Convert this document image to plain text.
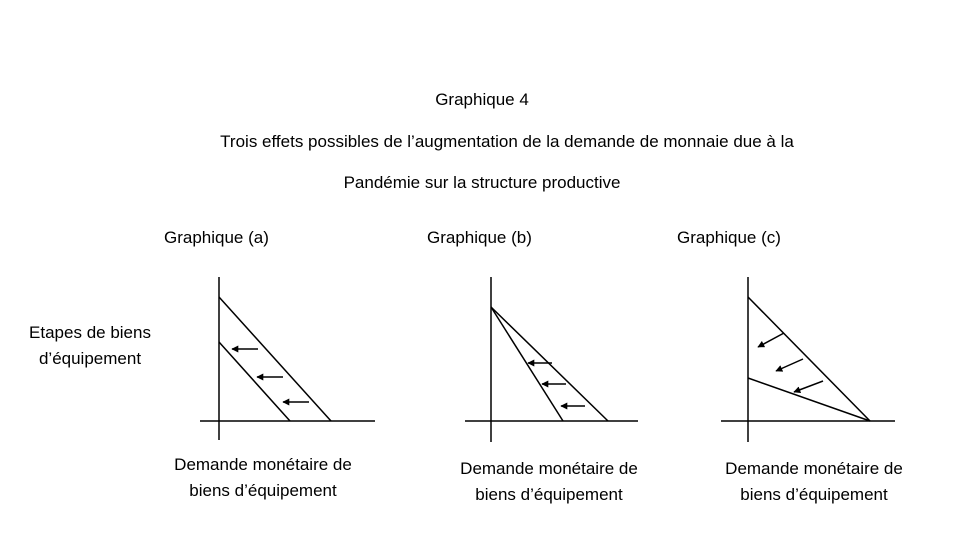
Graphique 4
Trois effets possibles de l’augmentation de la demande de monnaie due à la
Pandémie sur la structure productive
Graphique (a)	Graphique (b)	Graphique (c)
Etapes de biens
d’équipement
Demande monétaire de
biens d’équipement
Demande monétaire de
biens d’équipement
Demande monétaire de
biens d’équipement
